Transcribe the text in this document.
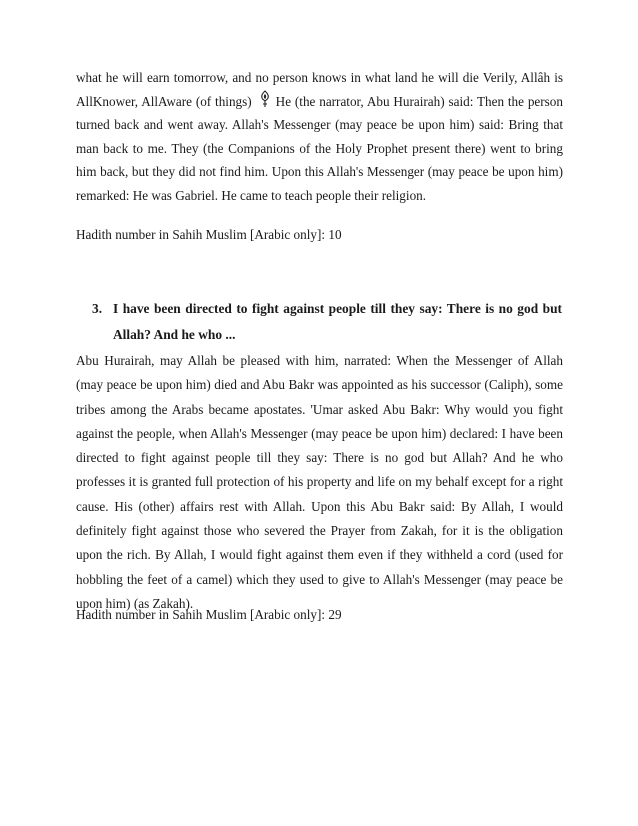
what he will earn tomorrow, and no person knows in what land he will die Verily, Allâh is AllKnower, AllAware (of things) He (the narrator, Abu Hurairah) said: Then the person turned back and went away. Allah's Messenger (may peace be upon him) said: Bring that man back to me. They (the Companions of the Holy Prophet present there) went to bring him back, but they did not find him. Upon this Allah's Messenger (may peace be upon him) remarked: He was Gabriel. He came to teach people their religion.

Hadith number in Sahih Muslim [Arabic only]: 10

3. I have been directed to fight against people till they say: There is no god but Allah? And he who ...

Abu Hurairah, may Allah be pleased with him, narrated: When the Messenger of Allah (may peace be upon him) died and Abu Bakr was appointed as his successor (Caliph), some tribes among the Arabs became apostates. 'Umar asked Abu Bakr: Why would you fight against the people, when Allah's Messenger (may peace be upon him) declared: I have been directed to fight against people till they say: There is no god but Allah? And he who professes it is granted full protection of his property and life on my behalf except for a right cause. His (other) affairs rest with Allah. Upon this Abu Bakr said: By Allah, I would definitely fight against those who severed the Prayer from Zakah, for it is the obligation upon the rich. By Allah, I would fight against them even if they withheld a cord (used for hobbling the feet of a camel) which they used to give to Allah's Messenger (may peace be upon him) (as Zakah).

Hadith number in Sahih Muslim [Arabic only]: 29
